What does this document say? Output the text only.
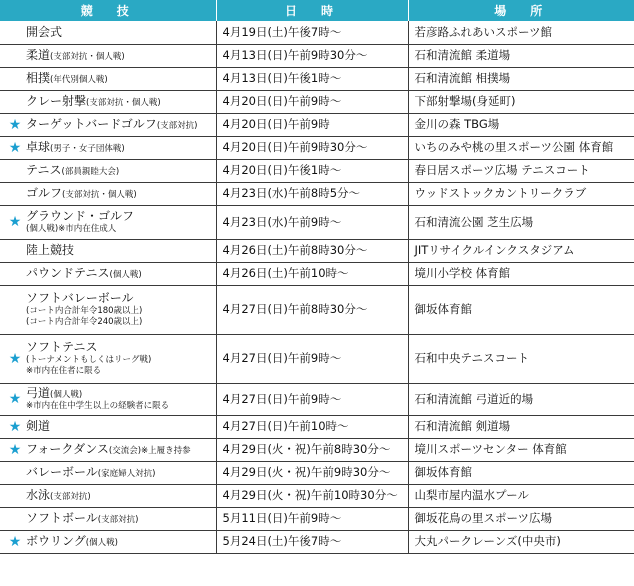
競　技	日　時	場　所

開会式	4月19日(土)午後7時～	若彦路ふれあいスポーツ館

柔道(支部対抗・個人戦)	4月13日(日)午前9時30分～	石和清流館 柔道場

相撲(年代別個人戦)	4月13日(日)午後1時～	石和清流館 相撲場

クレー射撃(支部対抗・個人戦)	4月20日(日)午前9時～	下部射撃場(身延町)

★ ターゲットバードゴルフ(支部対抗)	4月20日(日)午前9時	金川の森 TBG場

★ 卓球(男子・女子団体戦)	4月20日(日)午前9時30分～	いちのみや桃の里スポーツ公園 体育館

テニス(部員親睦大会)	4月20日(日)午後1時～	春日居スポーツ広場 テニスコート

ゴルフ(支部対抗・個人戦)	4月23日(水)午前8時5分～	ウッドストックカントリークラブ

★ グラウンド・ゴルフ
(個人戦)※市内在住成人	4月23日(水)午前9時～	石和清流公園 芝生広場

陸上競技	4月26日(土)午前8時30分～	JITリサイクルインクスタジアム

パウンドテニス(個人戦)	4月26日(土)午前10時～	境川小学校 体育館

ソフトバレーボール
(コート内合計年令180歳以上)
(コート内合計年令240歳以上)	4月27日(日)午前8時30分～	御坂体育館

★
ソフトテニス
(トーナメントもしくはリーグ戦)
※市内在住者に限る	4月27日(日)午前9時～	石和中央テニスコート

★ 弓道(個人戦)
※市内在住中学生以上の経験者に限る	4月27日(日)午前9時～	石和清流館 弓道近的場

★ 剣道	4月27日(日)午前10時～	石和清流館 剣道場

★ フォークダンス(交流会)※上履き持参	4月29日(火・祝)午前8時30分～	境川スポーツセンター 体育館

バレーボール(家庭婦人対抗)	4月29日(火・祝)午前9時30分～	御坂体育館

水泳(支部対抗)	4月29日(火・祝)午前10時30分～	山梨市屋内温水プール

ソフトボール(支部対抗)	5月11日(日)午前9時～	御坂花鳥の里スポーツ広場

★ ボウリング(個人戦)	5月24日(土)午後7時～	大丸パークレーンズ(中央市)
